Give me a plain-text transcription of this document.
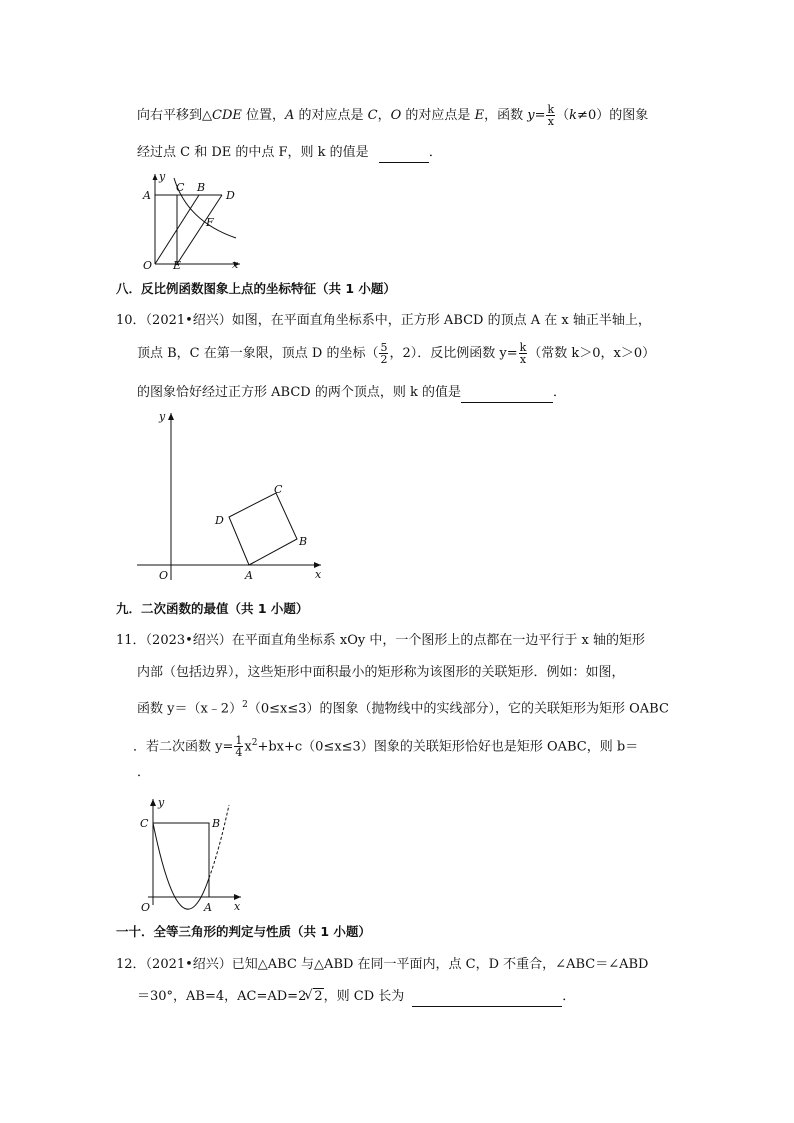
向右平移到△CDE 位置，A 的对应点是 C，O 的对应点是 E，函数 $y= \frac{k}{x} (k\ne 0)$的图象
经过点 C 和 DE 的中点 F，则 k 的值是	．
A
C B
D
F
O E	x
y
八．反比例函数图象上点的坐标特征（共 1 小题）
10．（2021•绍兴）如图，在平面直角坐标系中，正方形 ABCD 的顶点 A 在 x 轴正半轴上，
顶点 B，C 在第一象限，顶点 D 的坐标（ $\frac{5}{2}$ ，2）．反比例函数 $y= \frac{k}{x}$ （常数 k＞0，x＞0）
的图象恰好经过正方形 ABCD 的两个顶点，则 k 的值是	．
y
C
D
B
O	A	x
九．二次函数的最值（共 1 小题）
11．（2023•绍兴）在平面直角坐标系 xOy 中，一个图形上的点都在一边平行于 x 轴的矩形
内部（包括边界），这些矩形中面积最小的矩形称为该图形的关联矩形．例如：如图，
函数 y＝（x﹣2）$^2$（0≤x≤3）的图象（抛物线中的实线部分），它的关联矩形为矩形 OABC
．若二次函数 $y= \frac{1}{4} x^2+bx+c(0\le x\le 3)$图象的关联矩形恰好也是矩形 OABC，则 b＝
．
y
C	B
O	A x
一十．全等三角形的判定与性质（共 1 小题）
12．（2021•绍兴）已知△ABC 与△ABD 在同一平面内，点 C，D 不重合，∠ABC＝∠ABD
＝30°，AB=4，AC=AD=2√ 2，则 CD 长为	．
